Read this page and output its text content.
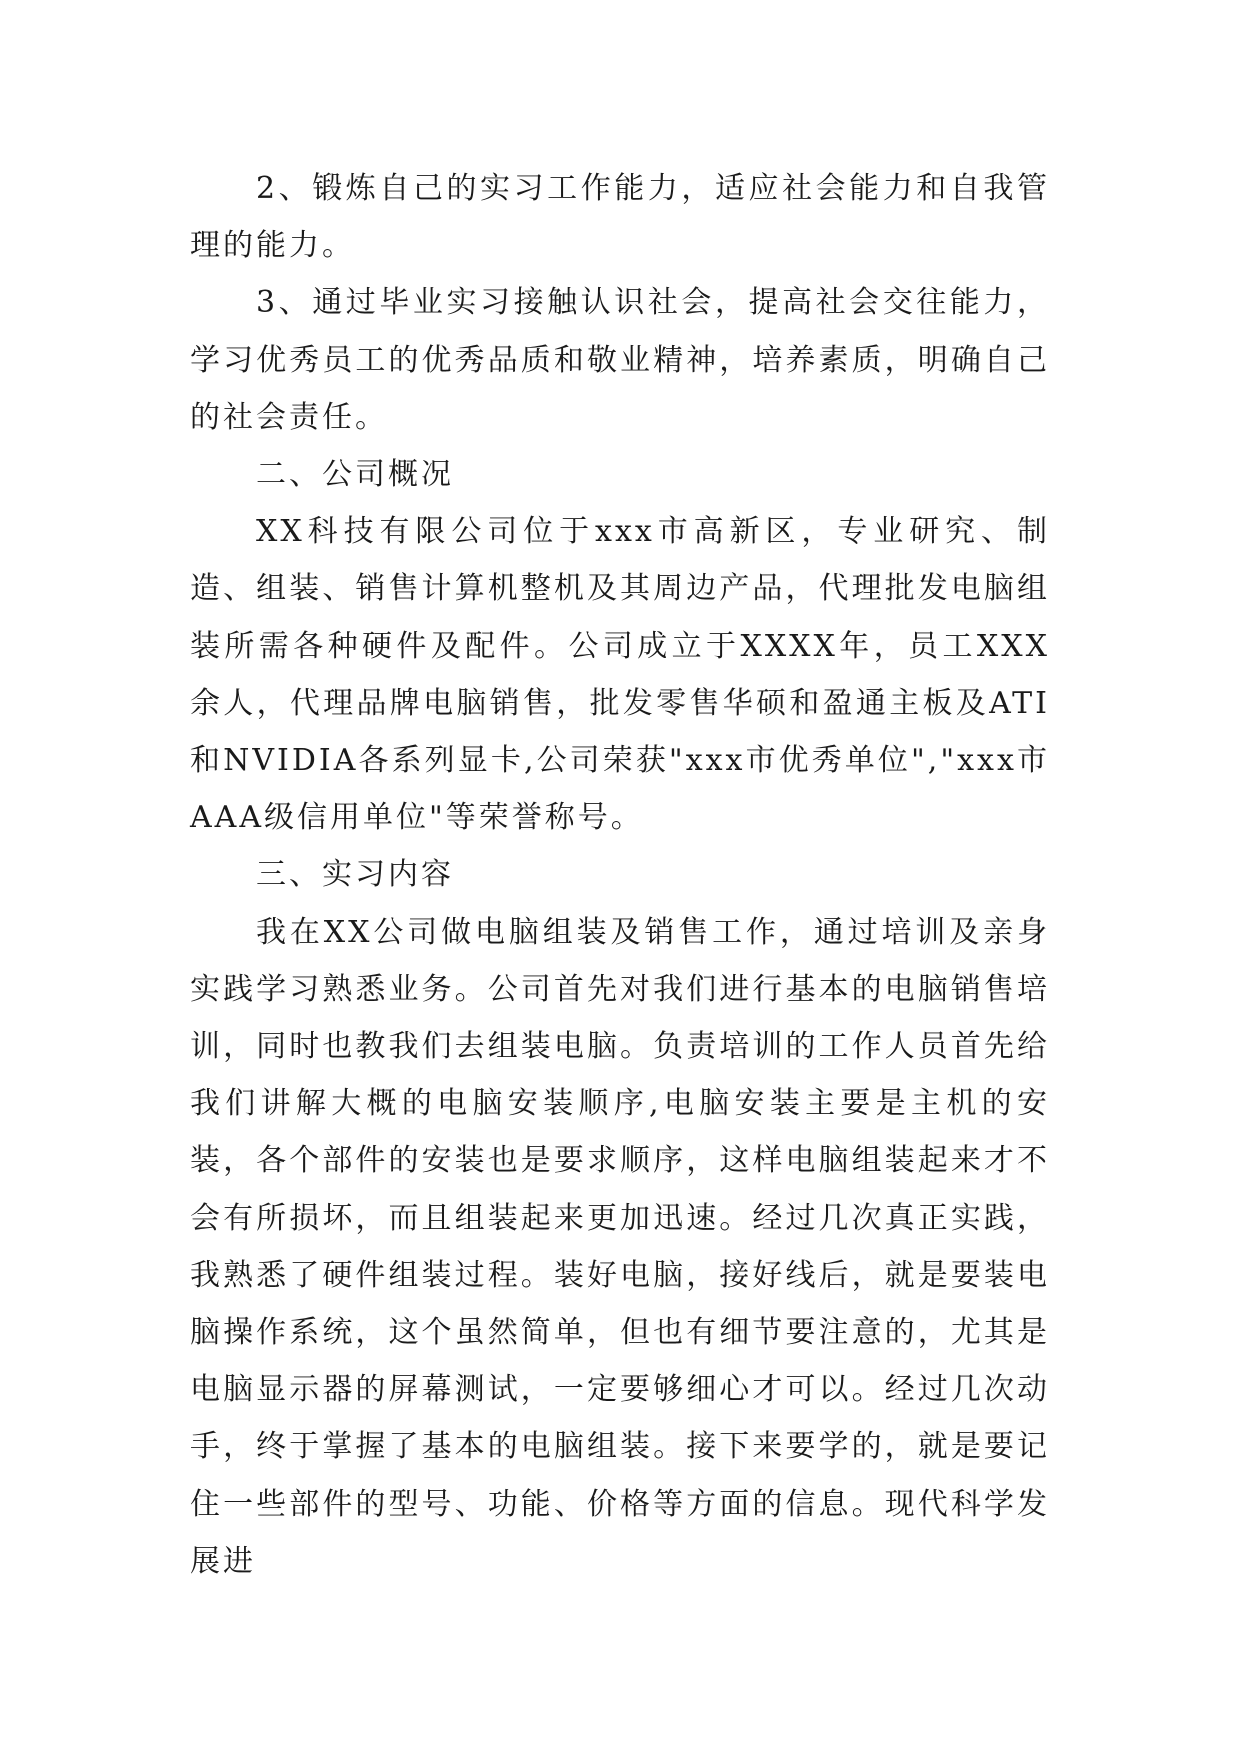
2、锻炼自己的实习工作能力，适应社会能力和自我管理的能力。

3、通过毕业实习接触认识社会，提高社会交往能力，学习优秀员工的优秀品质和敬业精神，培养素质，明确自己的社会责任。

二、公司概况

XX科技有限公司位于xxx市高新区，专业研究、制造、组装、销售计算机整机及其周边产品，代理批发电脑组装所需各种硬件及配件。公司成立于XXXX年，员工XXX余人，代理品牌电脑销售，批发零售华硕和盈通主板及ATI和NVIDIA各系列显卡,公司荣获"xxx市优秀单位","xxx市AAA级信用单位"等荣誉称号。

三、实习内容

我在XX公司做电脑组装及销售工作，通过培训及亲身实践学习熟悉业务。公司首先对我们进行基本的电脑销售培训，同时也教我们去组装电脑。负责培训的工作人员首先给我们讲解大概的电脑安装顺序,电脑安装主要是主机的安装，各个部件的安装也是要求顺序，这样电脑组装起来才不会有所损坏，而且组装起来更加迅速。经过几次真正实践，我熟悉了硬件组装过程。装好电脑，接好线后，就是要装电脑操作系统，这个虽然简单，但也有细节要注意的，尤其是电脑显示器的屏幕测试，一定要够细心才可以。经过几次动手，终于掌握了基本的电脑组装。接下来要学的，就是要记住一些部件的型号、功能、价格等方面的信息。现代科学发展进
